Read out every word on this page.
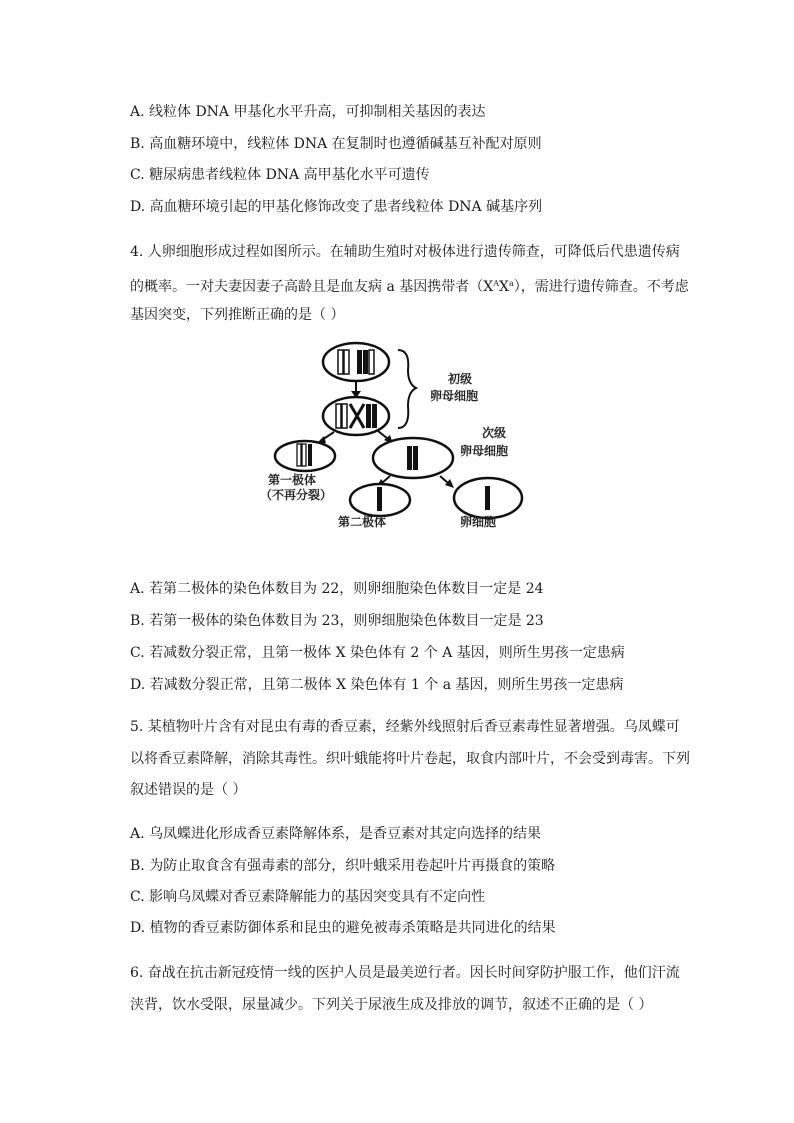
A. 线粒体 DNA 甲基化水平升高，可抑制相关基因的表达
B. 高血糖环境中，线粒体 DNA 在复制时也遵循碱基互补配对原则
C. 糖尿病患者线粒体 DNA 高甲基化水平可遗传
D. 高血糖环境引起的甲基化修饰改变了患者线粒体 DNA 碱基序列
4. 人卵细胞形成过程如图所示。在辅助生殖时对极体进行遗传筛查，可降低后代患遗传病
的概率。一对夫妻因妻子高龄且是血友病 a 基因携带者$(X^AX^a)$，需进行遗传筛查。不考虑
基因突变，下列推断正确的是（ ）
初级
卵母细胞
第一极体
（不再分裂）
次级
卵母细胞
第二极体	卵细胞
A. 若第二极体的染色体数目为 22，则卵细胞染色体数目一定是 24
B. 若第一极体的染色体数目为 23，则卵细胞染色体数目一定是 23
C. 若减数分裂正常，且第一极体 X 染色体有 2 个 A 基因，则所生男孩一定患病
D. 若减数分裂正常，且第二极体 X 染色体有 1 个 a 基因，则所生男孩一定患病
5. 某植物叶片含有对昆虫有毒的香豆素，经紫外线照射后香豆素毒性显著增强。乌凤蝶可
以将香豆素降解，消除其毒性。织叶蛾能将叶片卷起，取食内部叶片，不会受到毒害。下列
叙述错误的是（ ）
A. 乌凤蝶进化形成香豆素降解体系，是香豆素对其定向选择的结果
B. 为防止取食含有强毒素的部分，织叶蛾采用卷起叶片再摄食的策略
C. 影响乌凤蝶对香豆素降解能力的基因突变具有不定向性
D. 植物的香豆素防御体系和昆虫的避免被毒杀策略是共同进化的结果
6. 奋战在抗击新冠疫情一线的医护人员是最美逆行者。因长时间穿防护服工作，他们汗流
浃背，饮水受限，尿量减少。下列关于尿液生成及排放的调节，叙述不正确的是（ ）
